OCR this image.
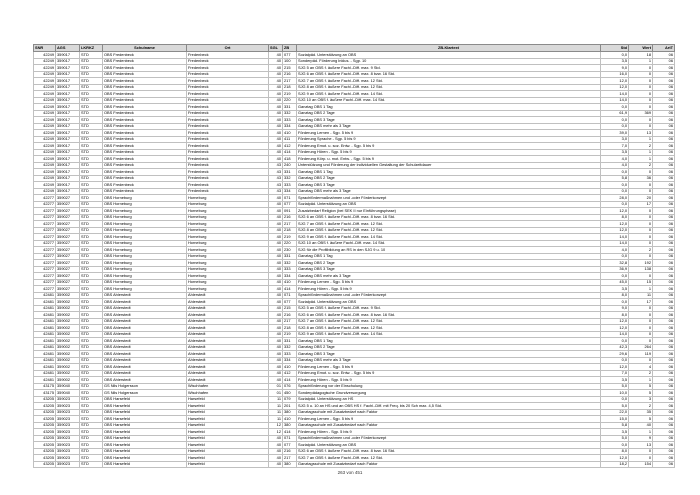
SNR	AGS	LKRKZ	Schulname	Ort	SGL	ZB	ZB-Klartext	Std	Wert	ArtT
42249	359017	STD	OBS Fredenbeck	Fredenbeck	40	077	Sozialpäd. Unterstützung an OBS	0,0	18	06
42249	359017	STD	OBS Fredenbeck	Fredenbeck	40	100	Sonderpäd. Förderung Inklus. - Sgp. 10	3,5	1	06
42249	359017	STD	OBS Fredenbeck	Fredenbeck	40	215	SJG 5 an OBS f. äußere Fachl.-Diff. max. 9 Std.	9,0	0	06
42249	359017	STD	OBS Fredenbeck	Fredenbeck	40	216	SJG 6 an OBS f. äußere Fachl.-Diff. max. 8 bzw. 16 Std.	16,0	0	06
42249	359017	STD	OBS Fredenbeck	Fredenbeck	40	217	SJG 7 an OBS f. äußere Fachl.-Diff. max. 12 Std.	12,0	0	06
42249	359017	STD	OBS Fredenbeck	Fredenbeck	40	218	SJG 8 an OBS f. äußere Fachl.-Diff. max. 12 Std.	12,0	0	06
42249	359017	STD	OBS Fredenbeck	Fredenbeck	40	219	SJG 9 an OBS f. äußere Fachl.-Diff. max. 14 Std.	14,0	0	06
42249	359017	STD	OBS Fredenbeck	Fredenbeck	40	220	SJG 10 an OBS f. äußere Fachl.-Diff. max. 14 Std.	14,0	0	06
42249	359017	STD	OBS Fredenbeck	Fredenbeck	40	331	Ganztag OBS 1 Tag	0,0	0	06
42249	359017	STD	OBS Fredenbeck	Fredenbeck	40	332	Ganztag OBS 2 Tage	61,9	369	06
42249	359017	STD	OBS Fredenbeck	Fredenbeck	40	333	Ganztag OBS 3 Tage	0,0	0	06
42249	359017	STD	OBS Fredenbeck	Fredenbeck	40	334	Ganztag OBS mehr als 3 Tage	0,0	0	06
42249	359017	STD	OBS Fredenbeck	Fredenbeck	40	410	Förderung Lernen - Sgp. 5 bis 9	39,0	13	06
42249	359017	STD	OBS Fredenbeck	Fredenbeck	40	411	Förderung Sprache - Sgp. 5 bis 9	3,0	1	06
42249	359017	STD	OBS Fredenbeck	Fredenbeck	40	412	Förderung Emot. u. soz. Entw. - Sgp. 5 bis 9	7,0	2	06
42249	359017	STD	OBS Fredenbeck	Fredenbeck	40	414	Förderung Hören - Sgp. 5 bis 9	3,5	1	06
42249	359017	STD	OBS Fredenbeck	Fredenbeck	40	418	Förderung Körp. u. mot. Entw. - Sgp. 5 bis 9	4,0	1	06
42249	359017	STD	OBS Fredenbeck	Fredenbeck	43	240	Unterstützung und Förderung der individuellen Gestaltung der Schulzeitdauer	4,0	2	06
42249	359017	STD	OBS Fredenbeck	Fredenbeck	43	331	Ganztag OBS 1 Tag	0,0	0	06
42249	359017	STD	OBS Fredenbeck	Fredenbeck	43	332	Ganztag OBS 2 Tage	5,8	36	06
42249	359017	STD	OBS Fredenbeck	Fredenbeck	43	333	Ganztag OBS 3 Tage	0,0	0	06
42249	359017	STD	OBS Fredenbeck	Fredenbeck	43	334	Ganztag OBS mehr als 3 Tage	0,0	0	06
42277	359027	STD	OBS Horneburg	Horneburg	40	071	Sprachfördermaßnahmen und -oder Förderkonzept	28,0	20	06
42277	359027	STD	OBS Horneburg	Horneburg	40	077	Sozialpäd. Unterstützung an OBS	0,0	17	06
42277	359027	STD	OBS Horneburg	Horneburg	40	091	Zusatzbedarf Religion (bei SEK II nur Einführungsphase)	12,0	0	06
42277	359027	STD	OBS Horneburg	Horneburg	40	216	SJG 6 an OBS f. äußere Fachl.-Diff. max. 8 bzw. 16 Std.	8,0	0	06
42277	359027	STD	OBS Horneburg	Horneburg	40	217	SJG 7 an OBS f. äußere Fachl.-Diff. max. 12 Std.	12,0	0	06
42277	359027	STD	OBS Horneburg	Horneburg	40	218	SJG 8 an OBS f. äußere Fachl.-Diff. max. 12 Std.	12,0	0	06
42277	359027	STD	OBS Horneburg	Horneburg	40	219	SJG 9 an OBS f. äußere Fachl.-Diff. max. 14 Std.	14,0	0	06
42277	359027	STD	OBS Horneburg	Horneburg	40	220	SJG 10 an OBS f. äußere Fachl.-Diff. max. 14 Std.	14,0	0	06
42277	359027	STD	OBS Horneburg	Horneburg	40	230	SJG für die Profilbildung an RS in den SJG 9 u. 10	4,0	2	06
42277	359027	STD	OBS Horneburg	Horneburg	40	331	Ganztag OBS 1 Tag	0,0	0	06
42277	359027	STD	OBS Horneburg	Horneburg	40	332	Ganztag OBS 2 Tage	32,8	192	06
42277	359027	STD	OBS Horneburg	Horneburg	40	333	Ganztag OBS 3 Tage	36,9	138	06
42277	359027	STD	OBS Horneburg	Horneburg	40	334	Ganztag OBS mehr als 3 Tage	0,0	0	06
42277	359027	STD	OBS Horneburg	Horneburg	40	410	Förderung Lernen - Sgp. 5 bis 9	45,0	15	06
42277	359027	STD	OBS Horneburg	Horneburg	40	414	Förderung Hören - Sgp. 5 bis 9	3,5	1	06
42481	359002	STD	OBS Ahlerstedt	Ahlerstedt	40	071	Sprachfördermaßnahmen und -oder Förderkonzept	8,0	11	06
42481	359002	STD	OBS Ahlerstedt	Ahlerstedt	40	077	Sozialpäd. Unterstützung an OBS	0,0	17	06
42481	359002	STD	OBS Ahlerstedt	Ahlerstedt	40	215	SJG 5 an OBS f. äußere Fachl.-Diff. max. 9 Std.	9,0	0	06
42481	359002	STD	OBS Ahlerstedt	Ahlerstedt	40	216	SJG 6 an OBS f. äußere Fachl.-Diff. max. 8 bzw. 16 Std.	8,0	0	06
42481	359002	STD	OBS Ahlerstedt	Ahlerstedt	40	217	SJG 7 an OBS f. äußere Fachl.-Diff. max. 12 Std.	12,0	0	06
42481	359002	STD	OBS Ahlerstedt	Ahlerstedt	40	218	SJG 8 an OBS f. äußere Fachl.-Diff. max. 12 Std.	12,0	0	06
42481	359002	STD	OBS Ahlerstedt	Ahlerstedt	40	219	SJG 9 an OBS f. äußere Fachl.-Diff. max. 14 Std.	14,0	0	06
42481	359002	STD	OBS Ahlerstedt	Ahlerstedt	40	331	Ganztag OBS 1 Tag	0,0	0	06
42481	359002	STD	OBS Ahlerstedt	Ahlerstedt	40	332	Ganztag OBS 2 Tage	42,3	264	06
42481	359002	STD	OBS Ahlerstedt	Ahlerstedt	40	333	Ganztag OBS 3 Tage	29,6	119	06
42481	359002	STD	OBS Ahlerstedt	Ahlerstedt	40	334	Ganztag OBS mehr als 3 Tage	0,0	0	06
42481	359002	STD	OBS Ahlerstedt	Ahlerstedt	40	410	Förderung Lernen - Sgp. 5 bis 9	12,0	4	06
42481	359002	STD	OBS Ahlerstedt	Ahlerstedt	40	412	Förderung Emot. u. soz. Entw. - Sgp. 5 bis 9	7,0	2	06
42481	359002	STD	OBS Ahlerstedt	Ahlerstedt	40	414	Förderung Hören - Sgp. 5 bis 9	3,5	1	06
43175	359040	STD	GS Nils Holgersson	Wischhafen	01	076	Sprachförderung vor der Einschulung	5,0	5	06
43175	359040	STD	GS Nils Holgersson	Wischhafen	01	450	Sonderpädagogische Grundversorgung	10,0	5	06
43205	359023	STD	OBS Harsefeld	Harsefeld	11	079	Sozialpäd. Unterstützung an HS	0,0	3	06
43205	359023	STD	OBS Harsefeld	Harsefeld	11	201	SJG 5 u. 10 an HS und an OBS HS f. Fachl.-Diff. mit Freq. bis 20 Sch max. 4,5 Std.	5,0	2	06
43205	359023	STD	OBS Harsefeld	Harsefeld	11	380	Ganztagsschule mit Zusatzbedarf nach Faktor	22,0	35	06
43205	359023	STD	OBS Harsefeld	Harsefeld	11	410	Förderung Lernen - Sgp. 5 bis 9	15,0	5	06
43205	359023	STD	OBS Harsefeld	Harsefeld	12	380	Ganztagsschule mit Zusatzbedarf nach Faktor	5,8	40	06
43205	359023	STD	OBS Harsefeld	Harsefeld	12	414	Förderung Hören - Sgp. 5 bis 9	3,5	1	06
43205	359023	STD	OBS Harsefeld	Harsefeld	40	071	Sprachfördermaßnahmen und -oder Förderkonzept	5,0	9	06
43205	359023	STD	OBS Harsefeld	Harsefeld	40	077	Sozialpäd. Unterstützung an OBS	0,0	13	06
43205	359023	STD	OBS Harsefeld	Harsefeld	40	216	SJG 6 an OBS f. äußere Fachl.-Diff. max. 8 bzw. 16 Std.	8,0	0	06
43205	359023	STD	OBS Harsefeld	Harsefeld	40	217	SJG 7 an OBS f. äußere Fachl.-Diff. max. 12 Std.	12,0	0	06
43205	359023	STD	OBS Harsefeld	Harsefeld	40	380	Ganztagsschule mit Zusatzbedarf nach Faktor	18,2	154	06
263 von 451
